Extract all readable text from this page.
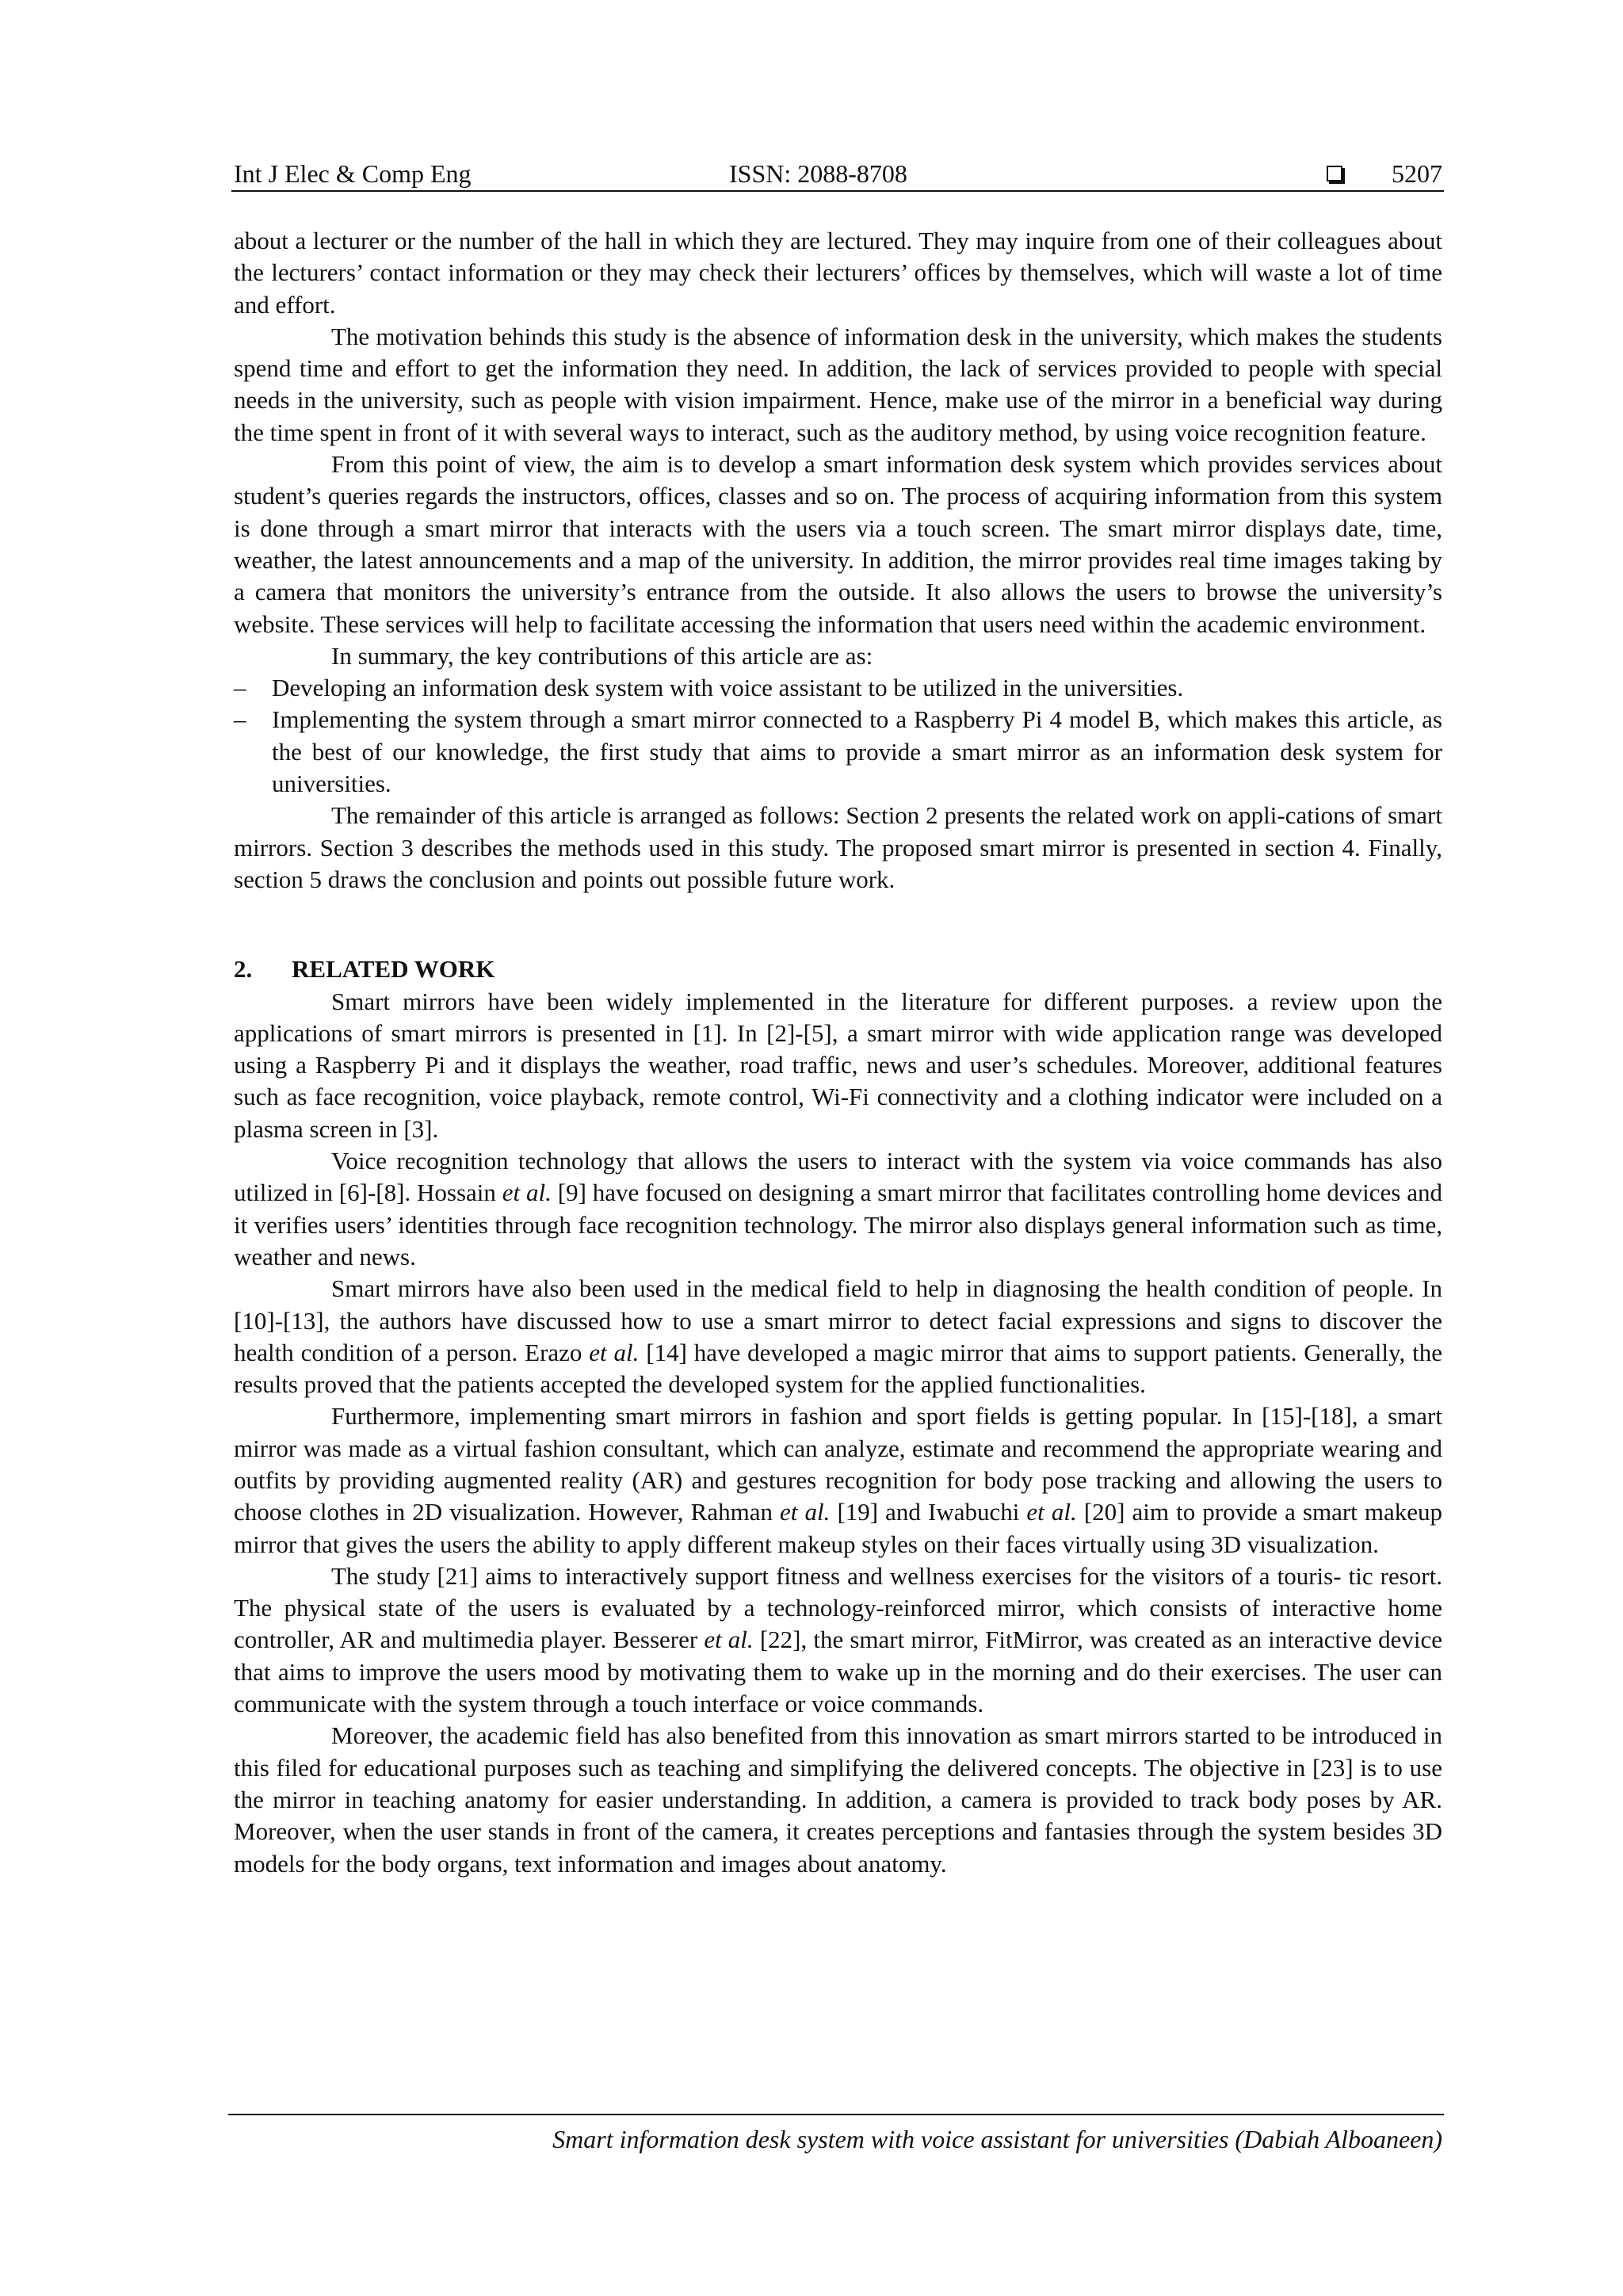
Int J Elec & Comp Eng	ISSN: 2088-8708	5207

about a lecturer or the number of the hall in which they are lectured. They may inquire from one of their colleagues about the lecturers’ contact information or they may check their lecturers’ offices by themselves, which will waste a lot of time and effort.

The motivation behinds this study is the absence of information desk in the university, which makes the students spend time and effort to get the information they need. In addition, the lack of services provided to people with special needs in the university, such as people with vision impairment. Hence, make use of the mirror in a beneficial way during the time spent in front of it with several ways to interact, such as the auditory method, by using voice recognition feature.

From this point of view, the aim is to develop a smart information desk system which provides services about student’s queries regards the instructors, offices, classes and so on. The process of acquiring information from this system is done through a smart mirror that interacts with the users via a touch screen. The smart mirror displays date, time, weather, the latest announcements and a map of the university. In addition, the mirror provides real time images taking by a camera that monitors the university’s entrance from the outside. It also allows the users to browse the university’s website. These services will help to facilitate accessing the information that users need within the academic environment.

In summary, the key contributions of this article are as:

– Developing an information desk system with voice assistant to be utilized in the universities.
– Implementing the system through a smart mirror connected to a Raspberry Pi 4 model B, which makes this article, as the best of our knowledge, the first study that aims to provide a smart mirror as an information desk system for universities.

The remainder of this article is arranged as follows: Section 2 presents the related work on appli-cations of smart mirrors. Section 3 describes the methods used in this study. The proposed smart mirror is presented in section 4. Finally, section 5 draws the conclusion and points out possible future work.

2.	RELATED WORK

Smart mirrors have been widely implemented in the literature for different purposes. a review upon the applications of smart mirrors is presented in [1]. In [2]-[5], a smart mirror with wide application range was developed using a Raspberry Pi and it displays the weather, road traffic, news and user’s schedules. Moreover, additional features such as face recognition, voice playback, remote control, Wi-Fi connectivity and a clothing indicator were included on a plasma screen in [3].

Voice recognition technology that allows the users to interact with the system via voice commands has also utilized in [6]-[8]. Hossain et al. [9] have focused on designing a smart mirror that facilitates controlling home devices and it verifies users’ identities through face recognition technology. The mirror also displays general information such as time, weather and news.

Smart mirrors have also been used in the medical field to help in diagnosing the health condition of people. In [10]-[13], the authors have discussed how to use a smart mirror to detect facial expressions and signs to discover the health condition of a person. Erazo et al. [14] have developed a magic mirror that aims to support patients. Generally, the results proved that the patients accepted the developed system for the applied functionalities.

Furthermore, implementing smart mirrors in fashion and sport fields is getting popular. In [15]-[18], a smart mirror was made as a virtual fashion consultant, which can analyze, estimate and recommend the appropriate wearing and outfits by providing augmented reality (AR) and gestures recognition for body pose tracking and allowing the users to choose clothes in 2D visualization. However, Rahman et al. [19] and Iwabuchi et al. [20] aim to provide a smart makeup mirror that gives the users the ability to apply different makeup styles on their faces virtually using 3D visualization.

The study [21] aims to interactively support fitness and wellness exercises for the visitors of a touris- tic resort. The physical state of the users is evaluated by a technology-reinforced mirror, which consists of interactive home controller, AR and multimedia player. Besserer et al. [22], the smart mirror, FitMirror, was created as an interactive device that aims to improve the users mood by motivating them to wake up in the morning and do their exercises. The user can communicate with the system through a touch interface or voice commands.

Moreover, the academic field has also benefited from this innovation as smart mirrors started to be introduced in this filed for educational purposes such as teaching and simplifying the delivered concepts. The objective in [23] is to use the mirror in teaching anatomy for easier understanding. In addition, a camera is provided to track body poses by AR. Moreover, when the user stands in front of the camera, it creates perceptions and fantasies through the system besides 3D models for the body organs, text information and images about anatomy.

Smart information desk system with voice assistant for universities (Dabiah Alboaneen)
